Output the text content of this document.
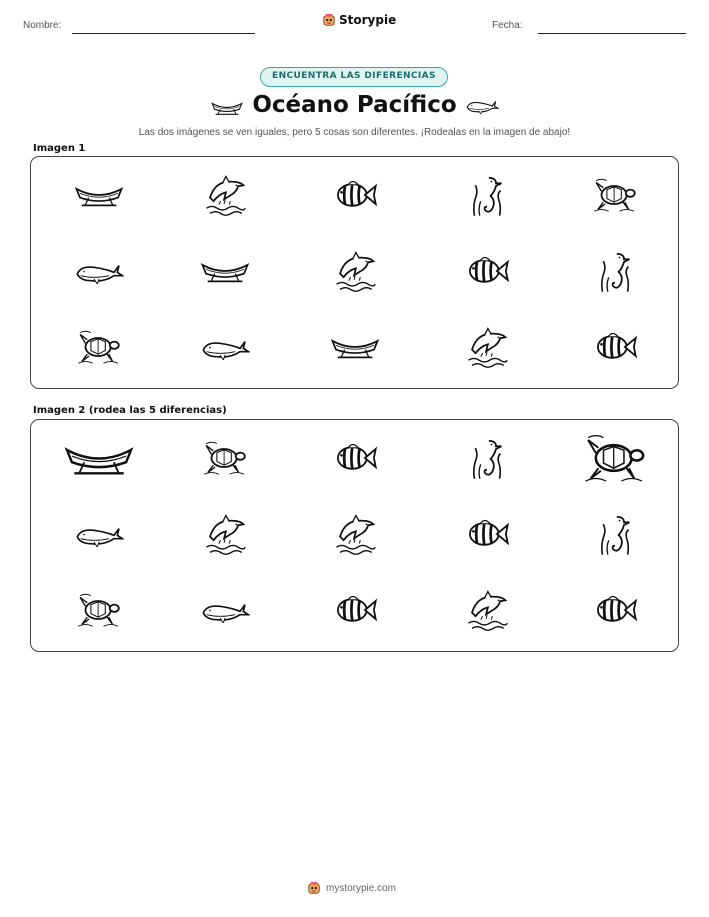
Nombre:	Storypie	Fecha:
ENCUENTRA LAS DIFERENCIAS
Océano Pacífico
Las dos imágenes se ven iguales, pero 5 cosas son diferentes. ¡Rodealas en la imagen de abajo!
Imagen 1
Imagen 2 (rodea las 5 diferencias)
mystorypie.com
